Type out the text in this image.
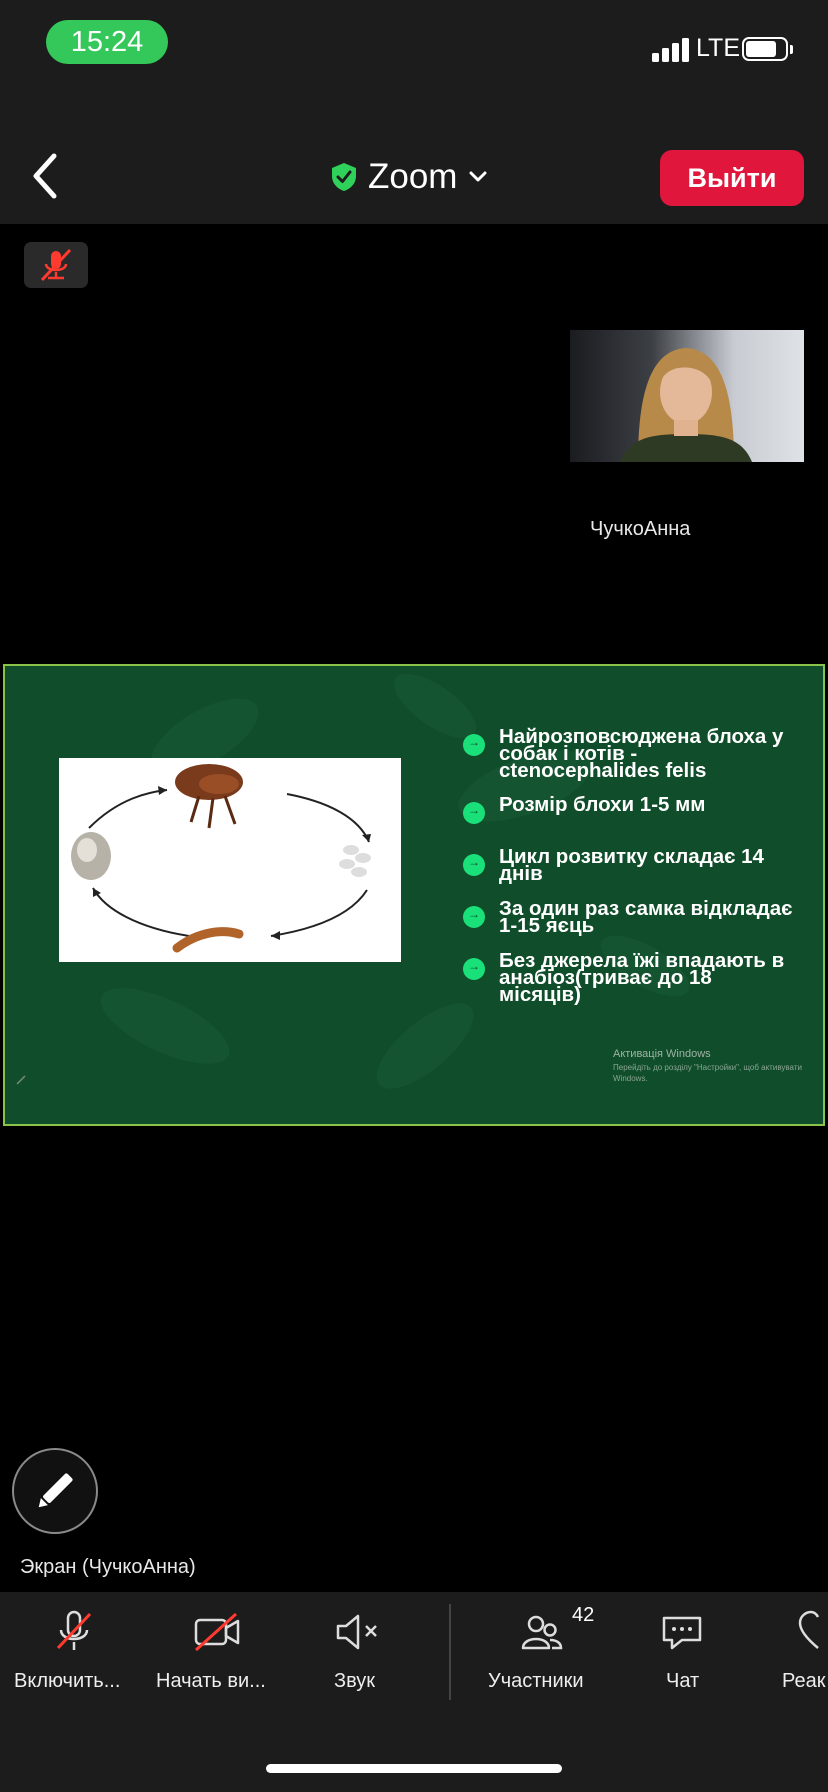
15:24	LTE
Zoom	Выйти
ЧучкоАнна
→
Найрозповсюджена блоха у собак і котів - ctenocephalides felis
→
Розмір блохи 1-5 мм
→
Цикл розвитку складає 14 днів
→
За один раз самка відкладає 1-15 яєць
→
Без джерела їжі впадають в анабіоз(триває до 18 місяців)
Активація Windows
Перейдіть до розділу "Настройки", щоб активувати Windows.
Экран (ЧучкоАнна)
Включить... Начать ви...	Звук	Участники
42
Чат	Реак
